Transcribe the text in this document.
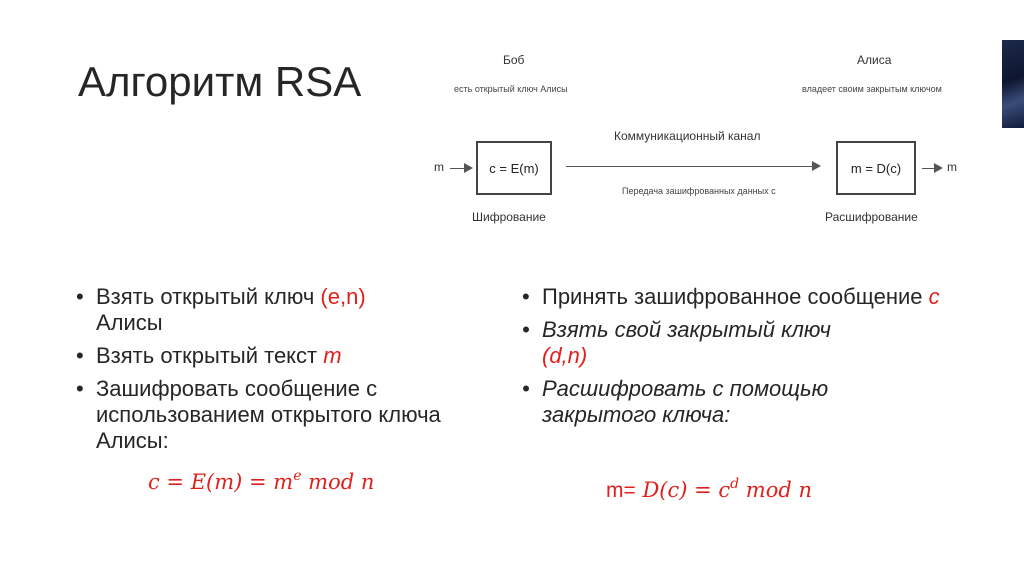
Алгоритм RSA	Боб
есть открытый ключ Алисы
Алиса
владеет своим закрытым ключом
m	c = E(m)
Коммуникационный канал
Передача зашифрованных данных с
m = D(c)	m
Шифрование	Расшифрование
• Взять открытый ключ (e,n)
Алисы
• Взять открытый текст m
• Зашифровать сообщение с использованием открытого ключа Алисы:
$c = E(m) = m^e$ mod n
• Принять зашифрованное сообщение c
• Взять свой закрытый ключ
(d,n)
• Расшифровать с помощью закрытого ключа:
$m= D(c) = c^d$ mod n
